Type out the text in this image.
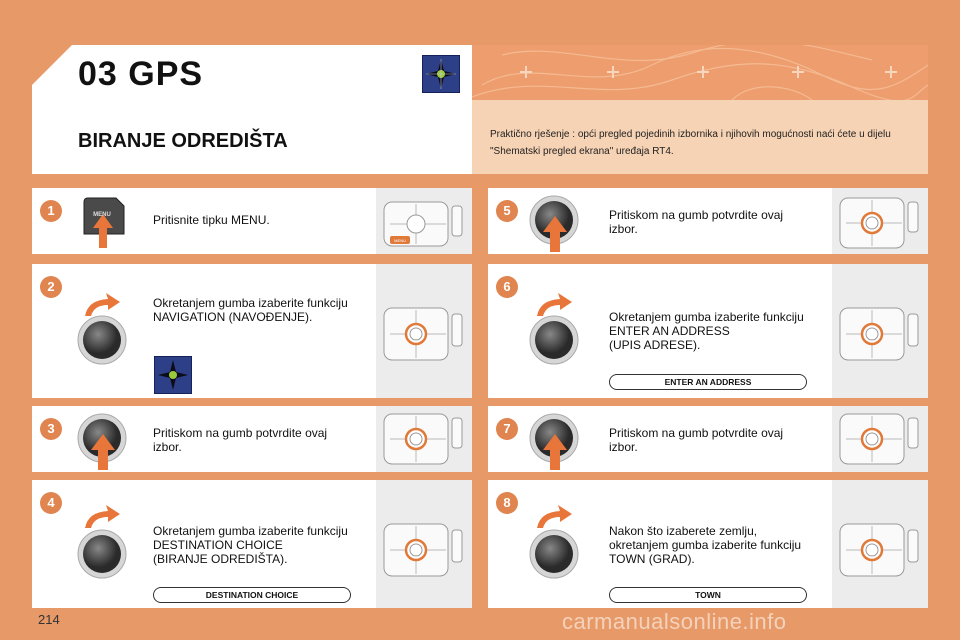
03 GPS
BIRANJE ODREDIŠTA	Praktično rješenje : opći pregled pojedinih izbornika i njihovih mogućnosti naći ćete u dijelu
"Shematski pregled ekrana" uređaja RT4.
1	MENU	Pritisnite tipku MENU.
MENU
2
Okretanjem gumba izaberite funkciju
NAVIGATION (NAVOĐENJE).
3	Pritiskom na gumb potvrdite ovaj
izbor.
4
Okretanjem gumba izaberite funkciju
DESTINATION CHOICE
(BIRANJE ODREDIŠTA).
DESTINATION CHOICE
5	Pritiskom na gumb potvrdite ovaj
izbor.
6
Okretanjem gumba izaberite funkciju
ENTER AN ADDRESS
(UPIS ADRESE).
ENTER AN ADDRESS
7	Pritiskom na gumb potvrdite ovaj
izbor.
8
Nakon što izaberete zemlju,
okretanjem gumba izaberite funkciju
TOWN (GRAD).
TOWN
214	carmanualsonline.info
